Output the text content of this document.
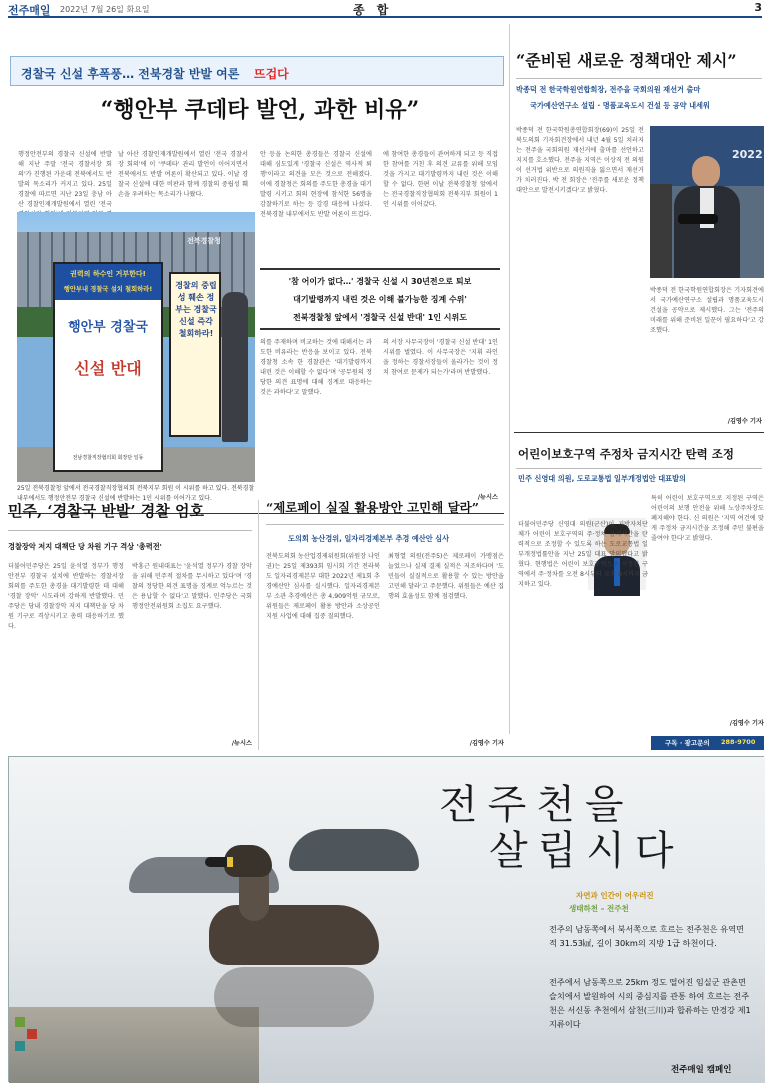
전주매일 2022년 7월 26일 화요일	종 합	3
경찰국 신설 후폭풍… 전북경찰 반발 여론 뜨겁다
“행안부 쿠데타 발언, 과한 비유”
행정안전부의 경찰국 신설에 반발해 지난 주말 '전국 경찰서장 회의'가 진행된 가운데 전북에서도 반발의 목소리가 커지고 있다. 25일 경찰에 따르면 지난 23일 충남 아산 경찰인재개발원에서 열린 '전국
날 아산 경찰인재개발원에서 열린 '전국 경찰서장 회의'에 이 '쿠데타' 관리 발언이 이어지면서 전북에서도 반발 여론이 확산되고 있다. 이날 경찰국 신설에 대한 비판과 함께 경찰의 중립성 훼손을 우려하는 목소리가 나왔다.
안 등을 논의한 총경들은 경찰국 신설에 대해 심도있게 '경찰국 신설은 역사적 퇴행'이라고 의견을 모은 것으로 전해졌다. 이에 경찰청은 회의를 주도한 총경을 대기발령 시키고 회의 현장에 참석한 56명을 감찰하기로 하는 등 강경 대응에 나섰다. 전북경찰 내부에서도 반발 여론이 뜨겁다.
에 참여한 총경들이 관여하게 되고 등 직접한 참여를 거친 후 의견 교류를 위해 모임 것을 가지고 대기발령까지 내린 것은 이해할 수 없다. 한편 이날 전북경찰청 앞에서는 전국경찰직장협의회 전북지부 회원이 1인 시위를 이어갔다.
전북경찰청
권력의 하수인 거부한다!
행안부내 경찰국 설치 철회하라!
행안부 경찰국
신설 반대
전남경찰직장협의회 회장단 일동
경찰의 중립성 훼손 정부는 경찰국 신설 즉각 철회하라!
25일 전북경찰청 앞에서 전국경찰직장협의회 전북지부 회원 이 시위를 하고 있다. 전북경찰 내부에서도 행정안전부 경찰국 신설에 반발하는 1인 시위를 이어가고 있다.
'참 어이가 없다…' 경찰국 신설 시 30년전으로 퇴보
대기발령까지 내린 것은 이해 불가능한 징계 수위'
전북경찰청 앞에서 '경찰국 신설 반대' 1인 시위도
의를 주재하며 비교하는 것에 대해서는 과도한 비유라는 반응을 보이고 있다. 전북경찰청 소속 한 경찰관은 '대기발령까지 내린 것은 이해할 수 없다'며 '공무원의 정당한 의견 표명에 대해 징계로 대응하는 것은 과하다'고 말했다.
의 서장 사무국장이 '경찰국 신설 반대' 1인 시위를 벌였다. 이 사무국장은 '지휘 라인을 정하는 경찰서장들이 올라가는 것이 정치 참여로 문제가 되는가'라며 반발했다.
/뉴시스
“준비된 새로운 정책대안 제시”
박종덕 전 한국학원연합회장, 전주을 국회의원 재선거 출마
국가예산연구소 설립 · 명품교육도시 건설 등 공약 내세워
박종덕 전 한국학원총연합회장(69)이 25일 전북도의회 기자회견장에서 내년 4월 5일 치러지는 전주을 국회의원 재선거에 출마를 선언하고 지지를 호소했다. 전주을 지역은 이상직 전 의원이 선거법 위반으로 의원직을 잃으면서 재선거가 치러진다. 박 전 회장은 '전주를 새로운 정책대안으로 발전시키겠다'고 밝혔다.
2022
박종덕 전 한국학원연합회장은 기자회견에서 국가예산연구소 설립과 명품교육도시 건설을 공약으로 제시했다. 그는 '전주의 미래를 위해 준비된 일꾼이 필요하다'고 강조했다.
/김영수 기자
어린이보호구역 주정차 금지시간 탄력 조정
민주 신영대 의원, 도로교통법 일부개정법안 대표발의
더불어민주당 신영대 의원(군산)이 지방자치단체가 어린이 보호구역의 주·정차 금지시간을 탄력적으로 조정할 수 있도록 하는 도로교통법 일부개정법률안을 지난 25일 대표 발의했다고 밝혔다. 현행법은 어린이 보호구역으로 지정된 구역에서 주·정차를 오전 8시부터 오후 8시까지 금지하고 있다.
특히 어린이 보호구역으로 지정된 구역은 어린이의 보행 안전을 위해 노상주차장도 폐지해야 한다. 신 의원은 '지역 여건에 맞게 주정차 금지시간을 조정해 주민 불편을 줄여야 한다'고 밝혔다.
/김영수 기자
구독 · 광고문의 288-9700
민주, ‘경찰국 반발’ 경찰 엄호
경찰장악 저지 대책단 당 차원 기구 격상 '총력전'
더불어민주당은 25일 윤석열 정부가 행정안전부 경찰국 설치에 반발하는 경찰서장 회의를 주도한 총경을 대기발령한 데 대해 '경찰 장악' 시도라며 강하게 반발했다. 민주당은 당내 경찰장악 저지 대책단을 당 차원 기구로 격상시키고 총력 대응하기로 했다.
박홍근 원내대표는 '윤석열 정부가 경찰 장악을 위해 민주적 절차를 무시하고 있다'며 '경찰의 정당한 의견 표명을 징계로 억누르는 것은 용납할 수 없다'고 말했다. 민주당은 국회 행정안전위원회 소집도 요구했다.
/뉴시스
“제로페이 실질 활용방안 고민해 달라”
도의회 농산경위, 일자리경제본부 추경 예산안 심사
전북도의회 농산업경제위원회(위원장 나인권)는 25일 제393회 임시회 기간 전라북도 일자리경제본부 대한 2022년 제1회 추경예산안 심사를 실시했다. 일자리경제본부 소관 추경예산은 총 4,909억원 규모로, 위원들은 제로페이 활용 방안과 소상공인 지원 사업에 대해 집중 질의했다.
최형열 의원(전주5)은 제로페이 가맹점은 늘었으나 실제 결제 실적은 저조하다며 '도민들이 실질적으로 활용할 수 있는 방안을 고민해 달라'고 주문했다. 위원들은 예산 집행의 효율성도 함께 점검했다.
/김영수 기자
전주천을
살립시다
자연과 인간이 어우러진
생태하천 – 전주천
전주의 남동쪽에서 북서쪽으로 흐르는 전주천은 유역면적 31.53㎢, 길이 30km의 지방 1급 하천이다.
전주에서 남동쪽으로 25km 정도 떨어진 임실군 관촌면 슬치에서 발원하여 시의 중심지를 관통 하여 흐르는 전주천은 서신동 추천에서 삼천(三川)과 합류하는 만경강 제1지류이다
전주매일 캠페인
